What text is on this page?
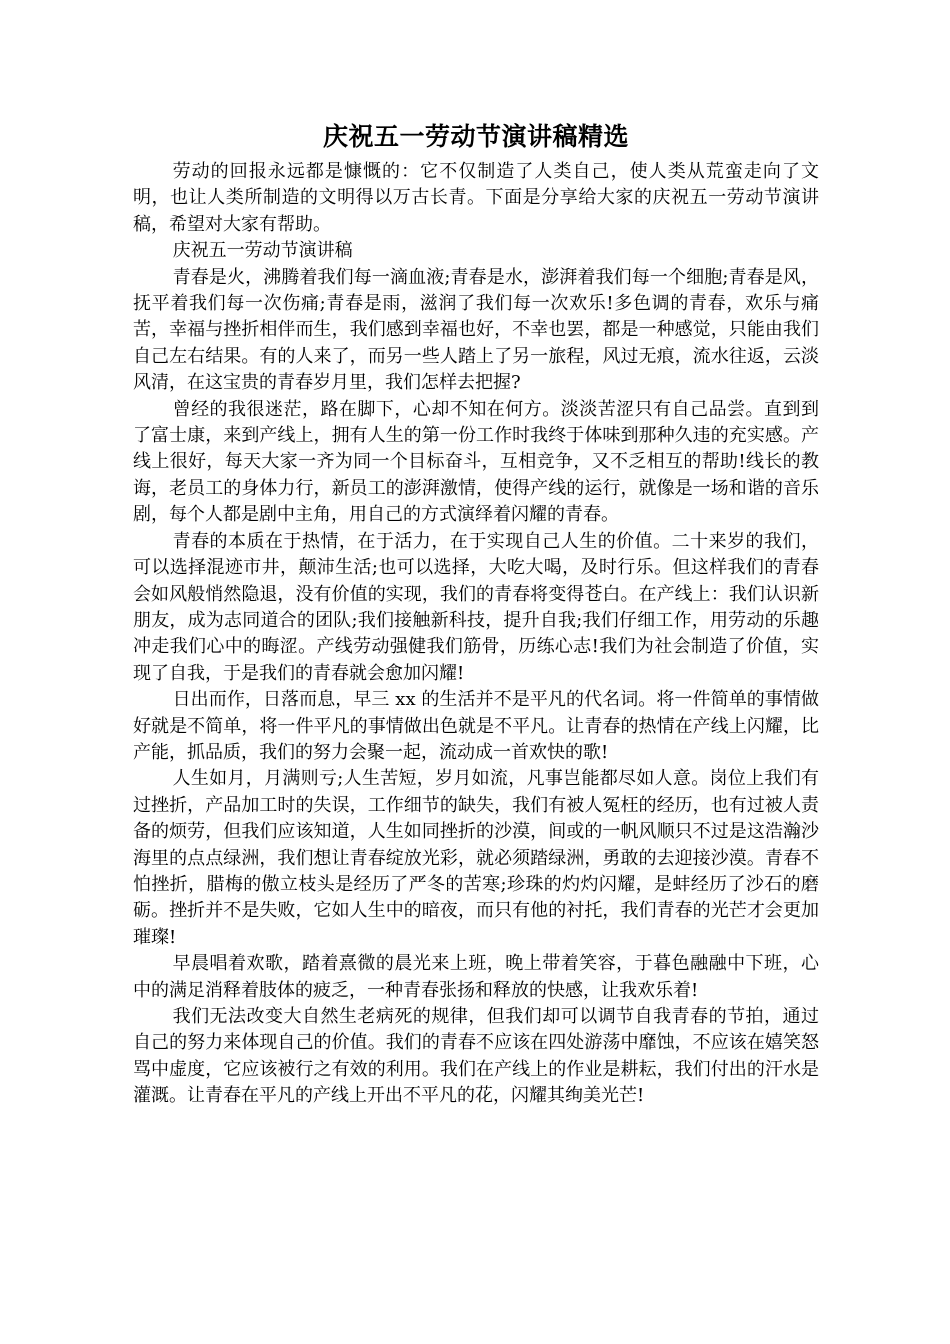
庆祝五一劳动节演讲稿精选

劳动的回报永远都是慷慨的：它不仅制造了人类自己，使人类从荒蛮走向了文明，也让人类所制造的文明得以万古长青。下面是分享给大家的庆祝五一劳动节演讲稿，希望对大家有帮助。

庆祝五一劳动节演讲稿

青春是火，沸腾着我们每一滴血液;青春是水，澎湃着我们每一个细胞;青春是风，抚平着我们每一次伤痛;青春是雨，滋润了我们每一次欢乐!多色调的青春，欢乐与痛苦，幸福与挫折相伴而生，我们感到幸福也好，不幸也罢，都是一种感觉，只能由我们自己左右结果。有的人来了，而另一些人踏上了另一旅程，风过无痕，流水往返，云淡风清，在这宝贵的青春岁月里，我们怎样去把握?

曾经的我很迷茫，路在脚下，心却不知在何方。淡淡苦涩只有自己品尝。直到到了富士康，来到产线上，拥有人生的第一份工作时我终于体味到那种久违的充实感。产线上很好，每天大家一齐为同一个目标奋斗，互相竞争，又不乏相互的帮助!线长的教诲，老员工的身体力行，新员工的澎湃激情，使得产线的运行，就像是一场和谐的音乐剧，每个人都是剧中主角，用自己的方式演绎着闪耀的青春。

青春的本质在于热情，在于活力，在于实现自己人生的价值。二十来岁的我们，可以选择混迹市井，颠沛生活;也可以选择，大吃大喝，及时行乐。但这样我们的青春会如风般悄然隐退，没有价值的实现，我们的青春将变得苍白。在产线上：我们认识新朋友，成为志同道合的团队;我们接触新科技，提升自我;我们仔细工作，用劳动的乐趣冲走我们心中的晦涩。产线劳动强健我们筋骨，历练心志!我们为社会制造了价值，实现了自我，于是我们的青春就会愈加闪耀!

日出而作，日落而息，早三 xx 的生活并不是平凡的代名词。将一件简单的事情做好就是不简单，将一件平凡的事情做出色就是不平凡。让青春的热情在产线上闪耀，比产能，抓品质，我们的努力会聚一起，流动成一首欢快的歌!

人生如月，月满则亏;人生苦短，岁月如流，凡事岂能都尽如人意。岗位上我们有过挫折，产品加工时的失误，工作细节的缺失，我们有被人冤枉的经历，也有过被人责备的烦劳，但我们应该知道，人生如同挫折的沙漠，间或的一帆风顺只不过是这浩瀚沙海里的点点绿洲，我们想让青春绽放光彩，就必须踏绿洲，勇敢的去迎接沙漠。青春不怕挫折，腊梅的傲立枝头是经历了严冬的苦寒;珍珠的灼灼闪耀，是蚌经历了沙石的磨砺。挫折并不是失败，它如人生中的暗夜，而只有他的衬托，我们青春的光芒才会更加璀璨!

早晨唱着欢歌，踏着熹微的晨光来上班，晚上带着笑容，于暮色融融中下班，心中的满足消释着肢体的疲乏，一种青春张扬和释放的快感，让我欢乐着!

我们无法改变大自然生老病死的规律，但我们却可以调节自我青春的节拍，通过自己的努力来体现自己的价值。我们的青春不应该在四处游荡中靡蚀，不应该在嬉笑怒骂中虚度，它应该被行之有效的利用。我们在产线上的作业是耕耘，我们付出的汗水是灌溉。让青春在平凡的产线上开出不平凡的花，闪耀其绚美光芒!
